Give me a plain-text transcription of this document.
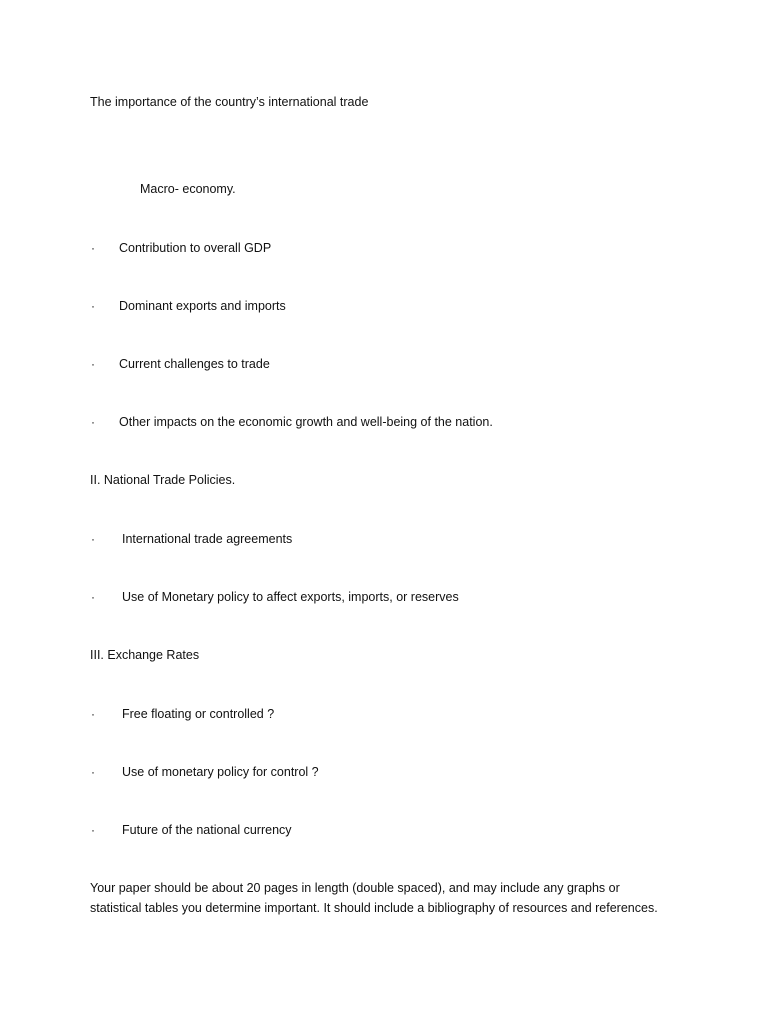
The importance of the country’s international trade
Macro- economy.
· Contribution to overall GDP
· Dominant exports and imports
· Current challenges to trade
· Other impacts on the economic growth and well-being of the nation.
II. National Trade Policies.
· International trade agreements
· Use of Monetary policy to affect exports, imports, or reserves
III. Exchange Rates
· Free floating or controlled ?
· Use of monetary policy for control ?
· Future of the national currency
Your paper should be about 20 pages in length (double spaced), and may include any graphs or
statistical tables you determine important. It should include a bibliography of resources and references.
